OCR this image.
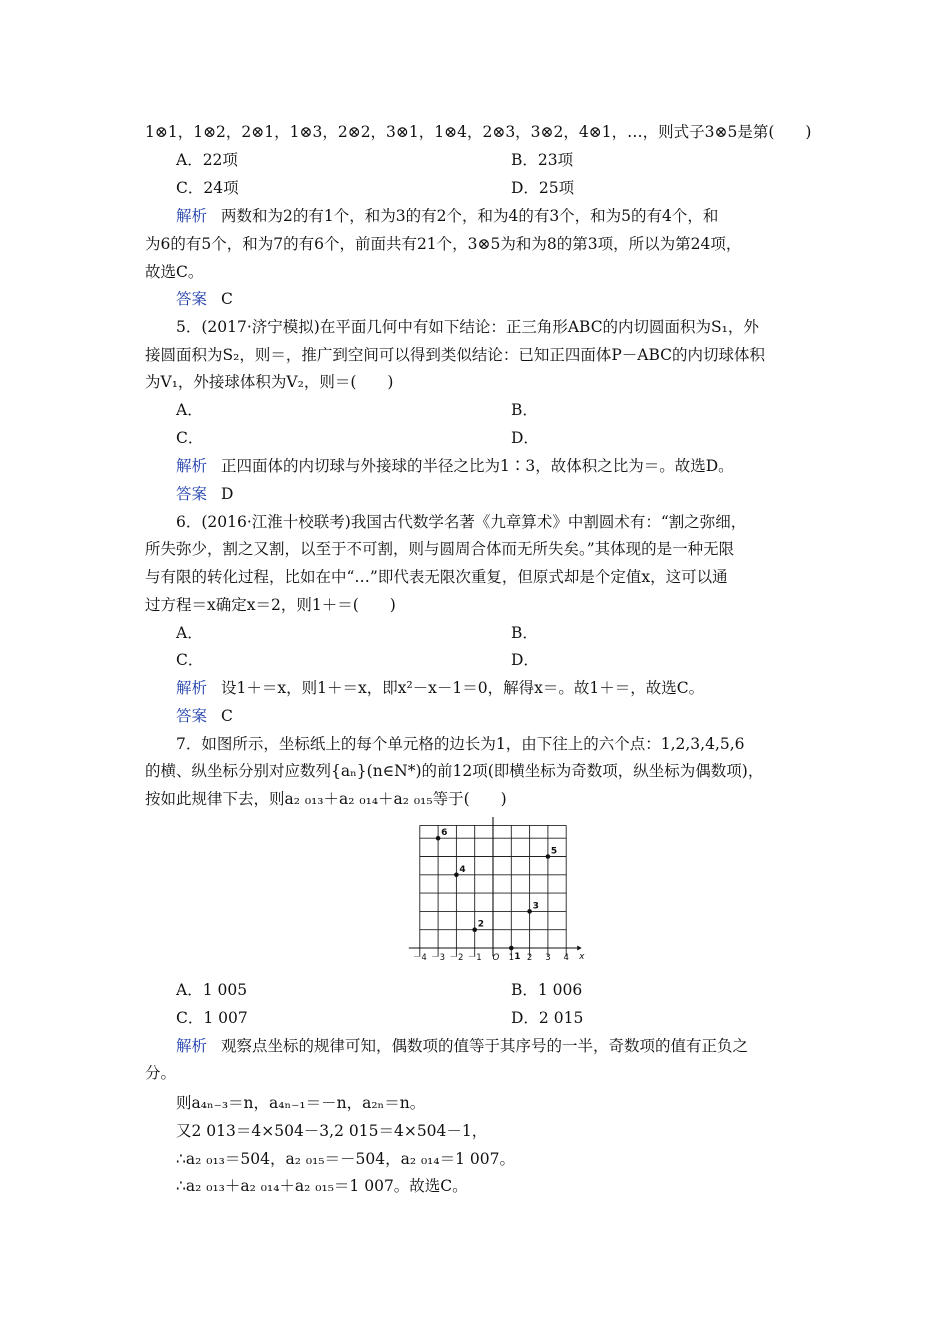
1⊗1，1⊗2，2⊗1，1⊗3，2⊗2，3⊗1，1⊗4，2⊗3，3⊗2，4⊗1，…，则式子3⊗5是第(　　)
A．22项	B．23项
C．24项	D．25项
解析 两数和为2的有1个，和为3的有2个，和为4的有3个，和为5的有4个，和
为6的有5个，和为7的有6个，前面共有21个，3⊗5为和为8的第3项，所以为第24项，
故选C。
答案 C
5．(2017·济宁模拟)在平面几何中有如下结论：正三角形ABC的内切圆面积为S₁，外
接圆面积为S₂，则＝，推广到空间可以得到类似结论：已知正四面体P－ABC的内切球体积
为V₁，外接球体积为V₂，则＝(　　)
A．	B．
C．	D．
解析 正四面体的内切球与外接球的半径之比为1∶3，故体积之比为＝。故选D。
答案 D
6．(2016·江淮十校联考)我国古代数学名著《九章算术》中割圆术有：“割之弥细，
所失弥少，割之又割，以至于不可割，则与圆周合体而无所失矣。”其体现的是一种无限
与有限的转化过程，比如在中“…”即代表无限次重复，但原式却是个定值x，这可以通
过方程＝x确定x＝2，则1＋＝(　　)
A．	B．
C．	D．
解析 设1＋＝x，则1＋＝x，即x²－x－1＝0，解得x＝。故1＋＝，故选C。
答案 C
7．如图所示，坐标纸上的每个单元格的边长为1，由下往上的六个点：1,2,3,4,5,6
的横、纵坐标分别对应数列{aₙ}(n∈N*)的前12项(即横坐标为奇数项，纵坐标为偶数项)，
按如此规律下去，则a₂ ₀₁₃＋a₂ ₀₁₄＋a₂ ₀₁₅等于(　　)
－4 －3 －2 －1 O 1 2 3 4
1
2
3
4
5
6
x
A．1 005	B．1 006
C．1 007	D．2 015
解析 观察点坐标的规律可知，偶数项的值等于其序号的一半，奇数项的值有正负之
分。
则a₄ₙ₋₃＝n，a₄ₙ₋₁＝－n，a₂ₙ＝n。
又2 013＝4×504－3,2 015＝4×504－1，
∴a₂ ₀₁₃＝504，a₂ ₀₁₅＝－504，a₂ ₀₁₄＝1 007。
∴a₂ ₀₁₃＋a₂ ₀₁₄＋a₂ ₀₁₅＝1 007。故选C。
